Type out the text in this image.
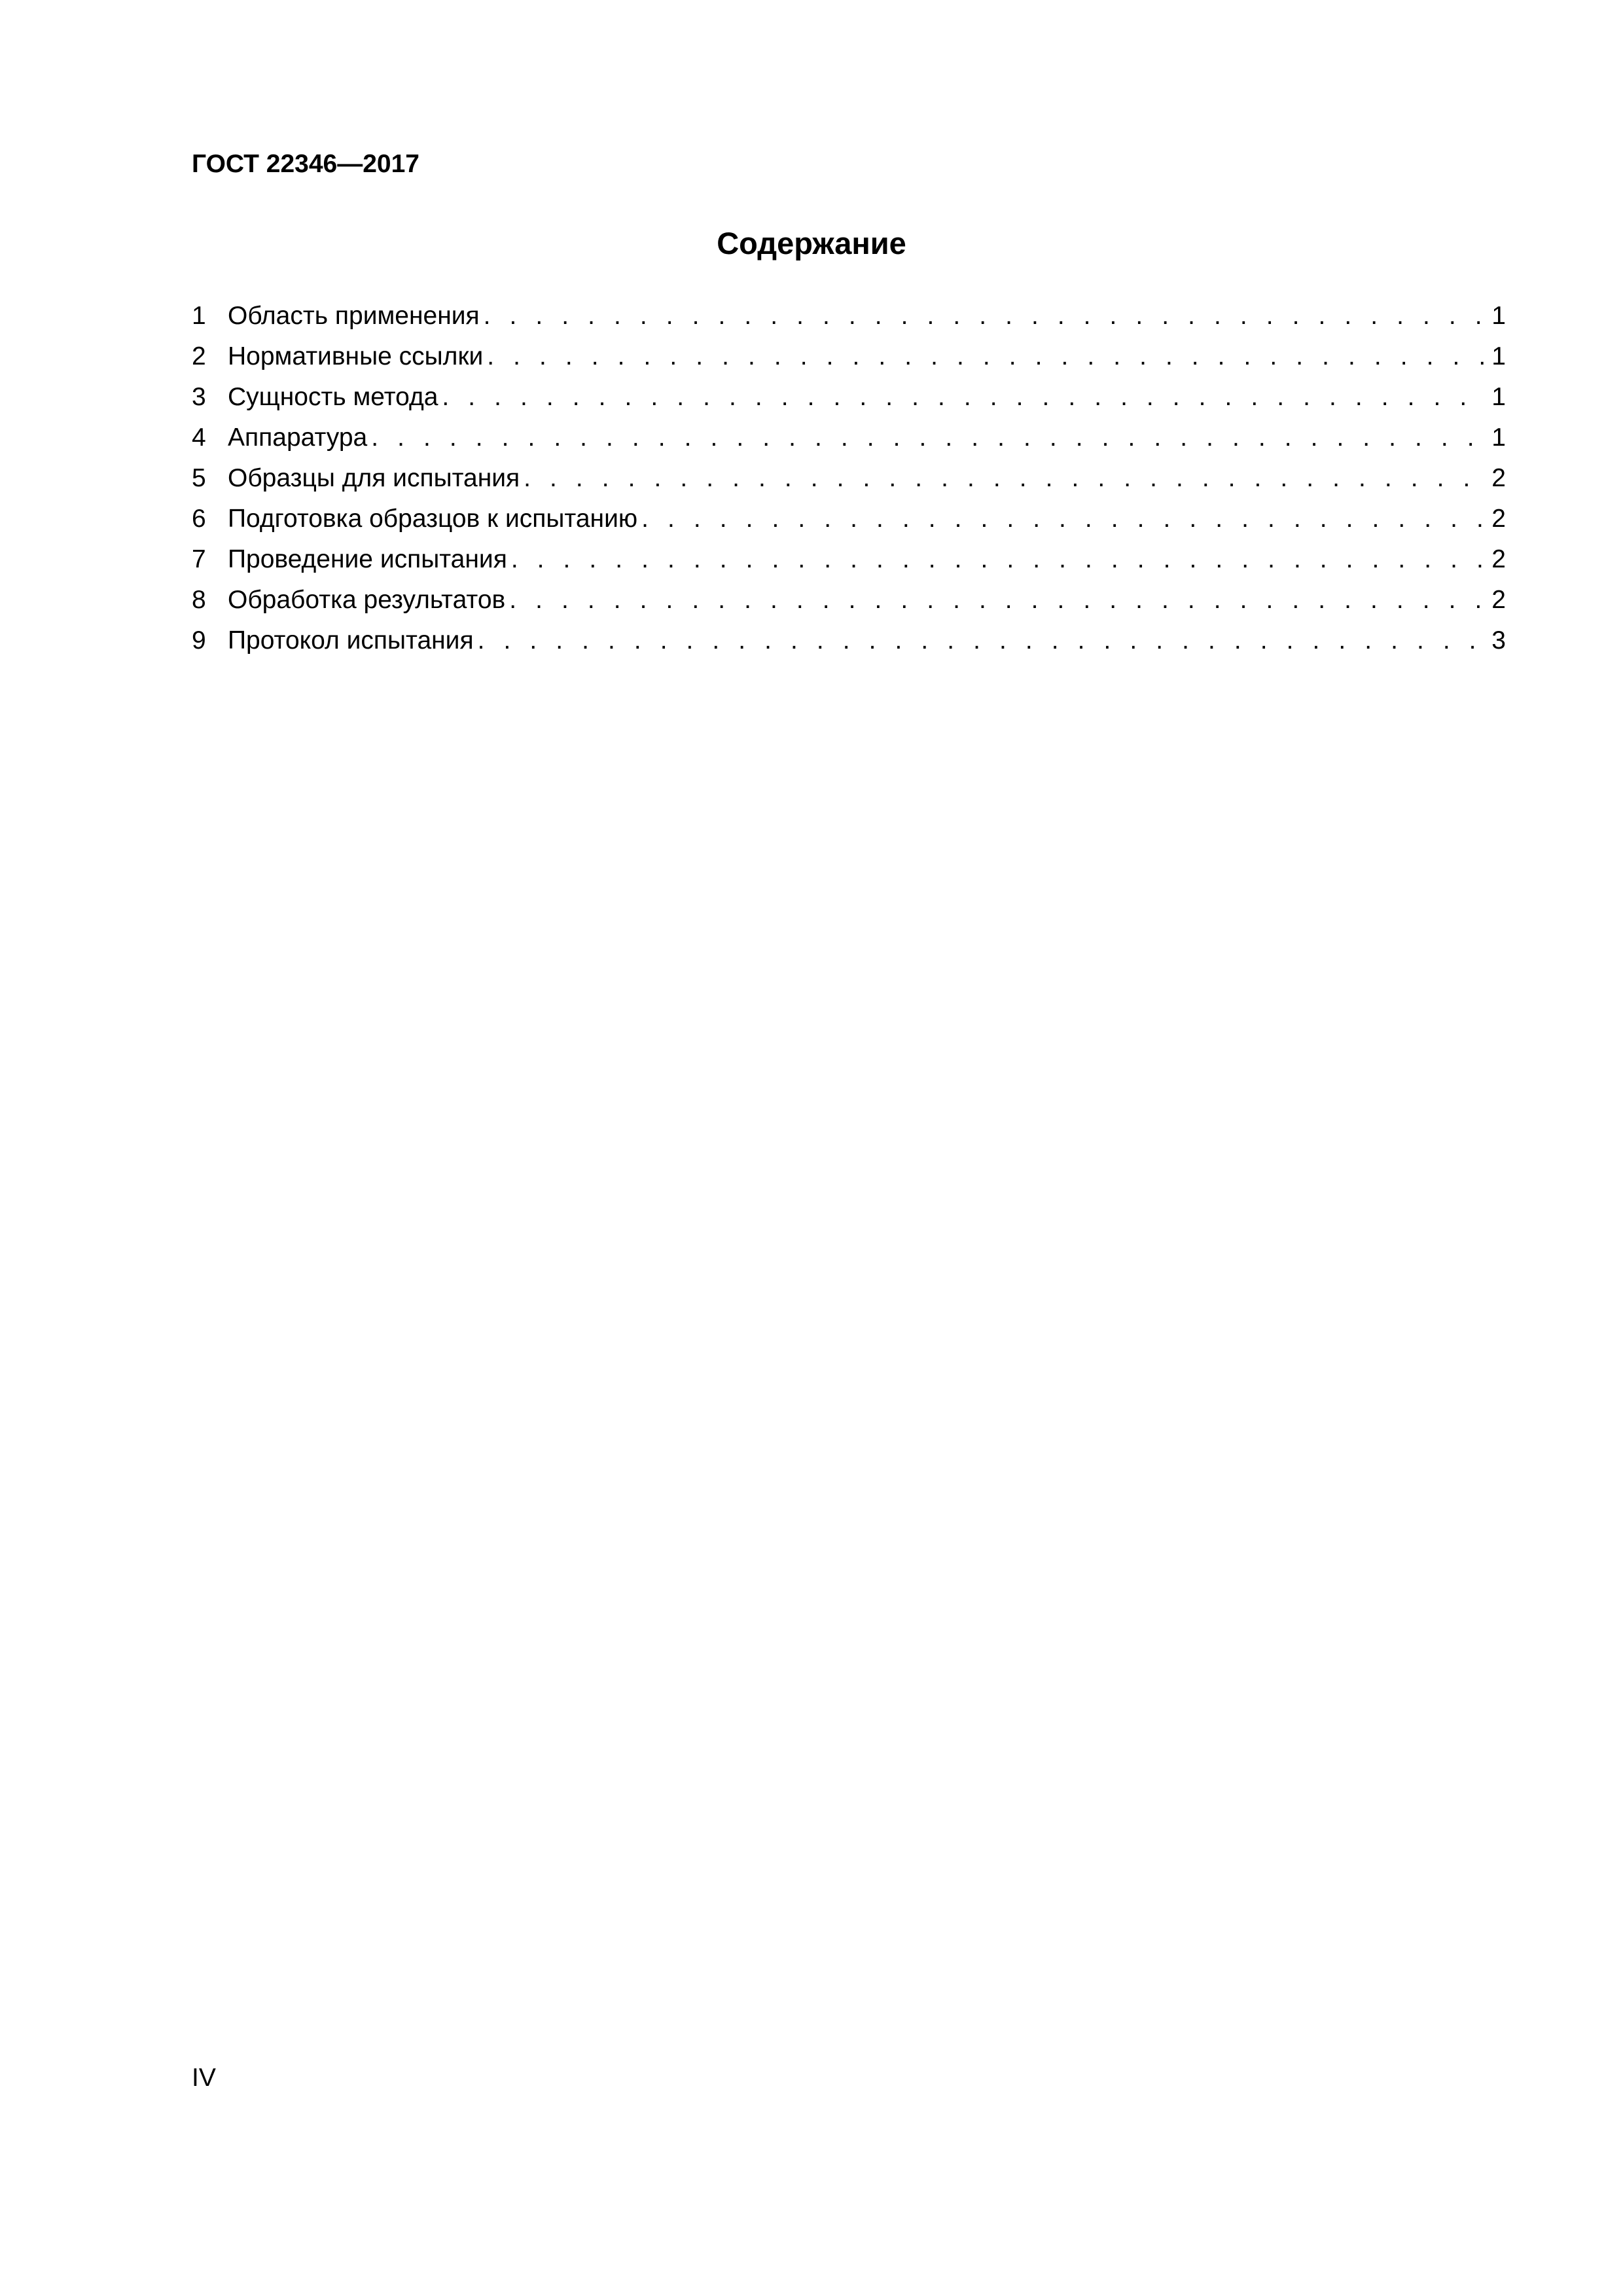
ГОСТ 22346—2017
Содержание
1 Область применения . . .	1
2 Нормативные ссылки . . .	1
3 Сущность метода . . .	1
4 Аппаратура . . .	1
5 Образцы для испытания . . .	2
6 Подготовка образцов к испытанию . . .	2
7 Проведение испытания . . .	2
8 Обработка результатов . . .	2
9 Протокол испытания . . .	3
IV
